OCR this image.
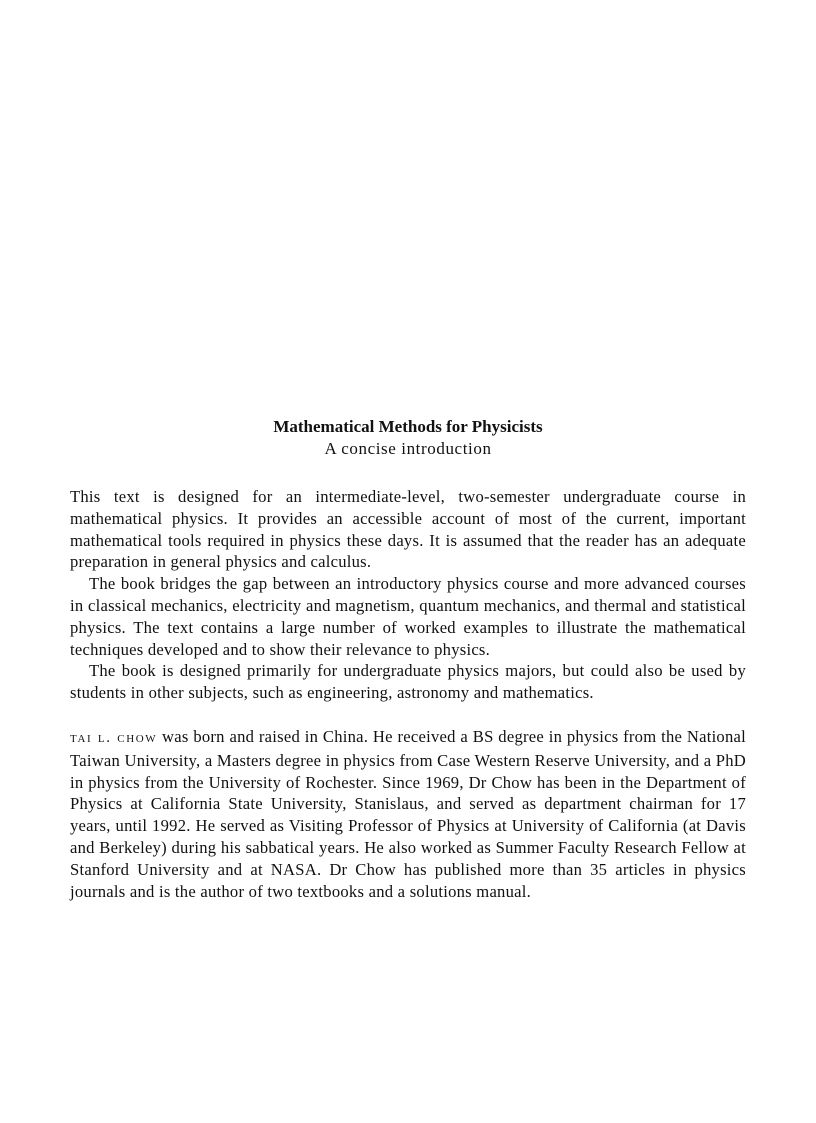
Mathematical Methods for Physicists

A concise introduction

This text is designed for an intermediate-level, two-semester undergraduate course in mathematical physics. It provides an accessible account of most of the current, important mathematical tools required in physics these days. It is assumed that the reader has an adequate preparation in general physics and calculus.

The book bridges the gap between an introductory physics course and more advanced courses in classical mechanics, electricity and magnetism, quantum mechanics, and thermal and statistical physics. The text contains a large number of worked examples to illustrate the mathematical techniques developed and to show their relevance to physics.

The book is designed primarily for undergraduate physics majors, but could also be used by students in other subjects, such as engineering, astronomy and mathematics.

tai l. chow was born and raised in China. He received a BS degree in physics from the National Taiwan University, a Masters degree in physics from Case Western Reserve University, and a PhD in physics from the University of Rochester. Since 1969, Dr Chow has been in the Department of Physics at California State University, Stanislaus, and served as department chairman for 17 years, until 1992. He served as Visiting Professor of Physics at University of California (at Davis and Berkeley) during his sabbatical years. He also worked as Summer Faculty Research Fellow at Stanford University and at NASA. Dr Chow has published more than 35 articles in physics journals and is the author of two textbooks and a solutions manual.
